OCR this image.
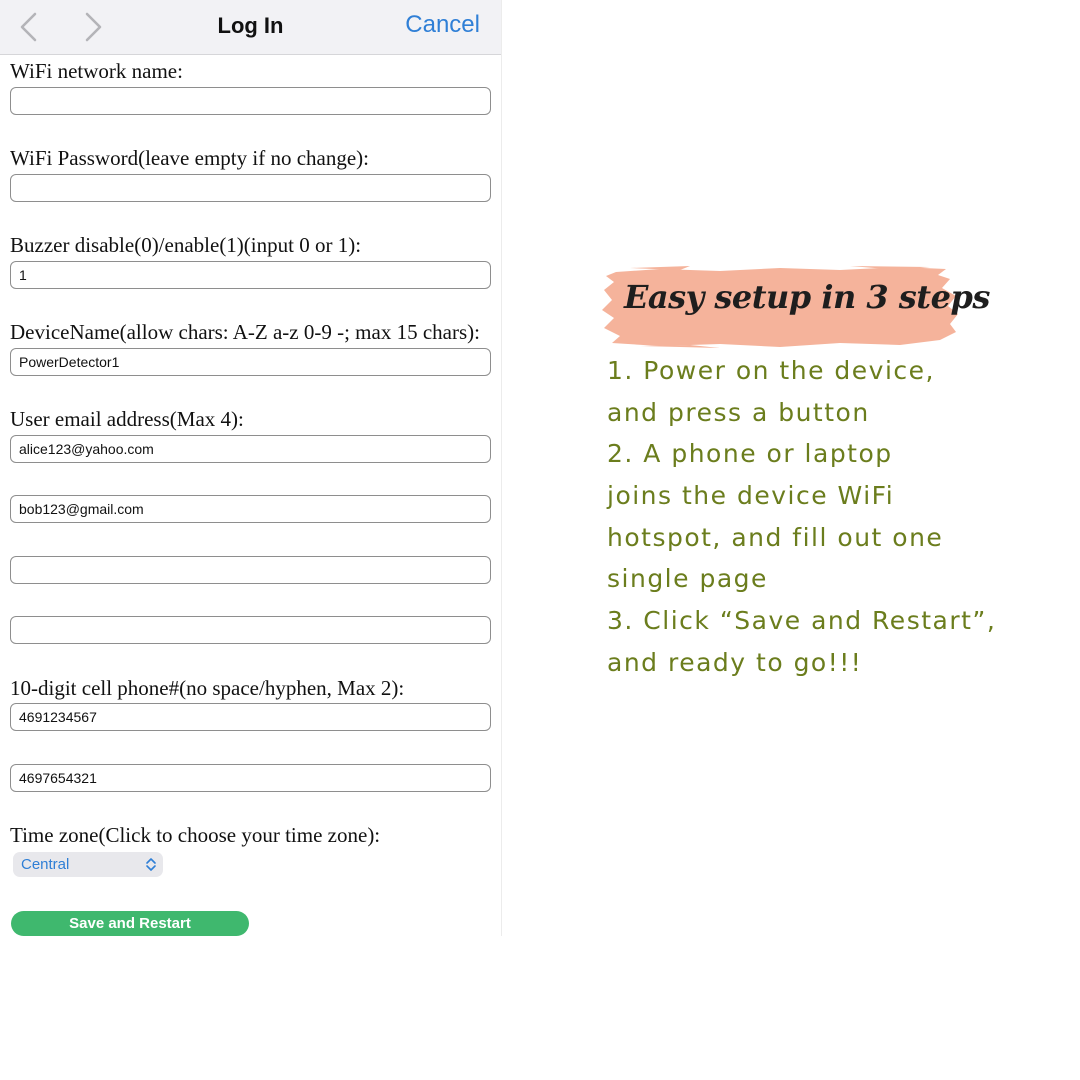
Log In	Cancel
WiFi network name:
WiFi Password(leave empty if no change):
Buzzer disable(0)/enable(1)(input 0 or 1):
1
DeviceName(allow chars: A-Z a-z 0-9 -; max 15 chars):
PowerDetector1
User email address(Max 4):
alice123@yahoo.com
bob123@gmail.com
10-digit cell phone#(no space/hyphen, Max 2):
4691234567
4697654321
Time zone(Click to choose your time zone):
Central
Save and Restart
Easy setup in 3 steps
1. Power on the device,
and press a button
2. A phone or laptop
joins the device WiFi
hotspot, and fill out one
single page
3. Click “Save and Restart”,
and ready to go!!!
